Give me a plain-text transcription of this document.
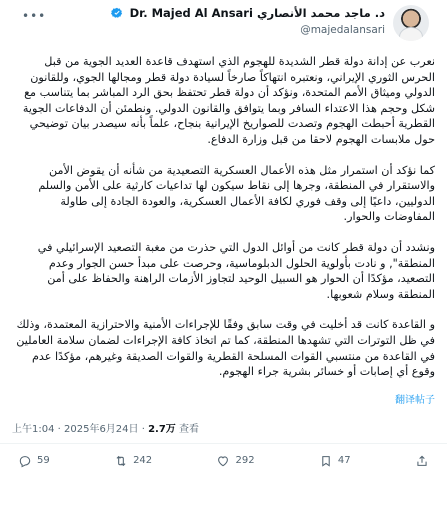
•••	د. ماجد محمد الأنصاري Dr. Majed Al Ansari
@majedalansari

نعرب عن إدانة دولة قطر الشديدة للهجوم الذي استهدف قاعدة العديد الجوية من قبل الحرس الثوري الإيراني، ونعتبره انتهاكاً صارخاً لسيادة دولة قطر ومجالها الجوي، وللقانون الدولي وميثاق الأمم المتحدة، ونؤكد أن دولة قطر تحتفظ بحق الرد المباشر بما يتناسب مع شكل وحجم هذا الاعتداء السافر وبما يتوافق والقانون الدولي. ونطمئن أن الدفاعات الجوية القطرية أحبطت الهجوم وتصدت للصواريخ الإيرانية بنجاح، علماً بأنه سيصدر بيان توضيحي حول ملابسات الهجوم لاحقا من قبل وزارة الدفاع.

كما نؤكد أن استمرار مثل هذه الأعمال العسكرية التصعيدية من شأنه أن يقوض الأمن والاستقرار في المنطقة، وجرها إلى نقاط سيكون لها تداعيات كارثية على الأمن والسلم الدوليين، داعيًا إلى وقف فوري لكافة الأعمال العسكرية، والعودة الجادة إلى طاولة المفاوضات والحوار.

ونشدد أن دولة قطر كانت من أوائل الدول التي حذرت من مغبة التصعيد الإسرائيلي في المنطقة", و نادت بأولوية الحلول الدبلوماسية، وحرصت على مبدأ حسن الجوار وعدم التصعيد، مؤكدًا أن الحوار هو السبيل الوحيد لتجاوز الأزمات الراهنة والحفاظ على أمن المنطقة وسلام شعوبها.

و القاعدة كانت قد أخليت في وقت سابق وفقًا للإجراءات الأمنية والاحترازية المعتمدة، وذلك في ظل التوترات التي تشهدها المنطقة، كما تم اتخاذ كافة الإجراءات لضمان سلامة العاملين في القاعدة من منتسبي القوات المسلحة القطرية والقوات الصديقة وغيرهم، مؤكدًا عدم وقوع أي إصابات أو خسائر بشرية جراء الهجوم.

翻译帖子
上午1:04 · 2025年6月24日 · 2.7万 查看
59	242	292	47
